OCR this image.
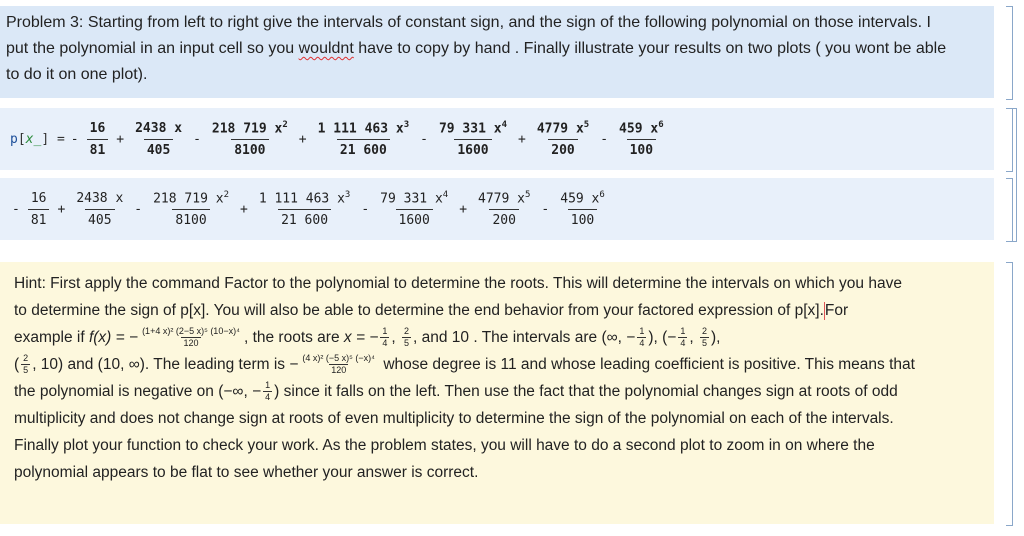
Problem 3: Starting from left to right give the intervals of constant sign, and the sign of the following polynomial on those intervals. I
put the polynomial in an input cell so you wouldnt have to copy by hand . Finally illustrate your results on two plots ( you wont be able
to do it on one plot).
p[x_] = - $\frac{16}{81} + \frac{2438 x}{405} - \frac{218 719 x^2}{8100} + \frac{1 111 463 x^3}{21 600} - \frac{79 331 x^4}{1600} + \frac{4779 x^5}{200} - \frac{459 x^6}{100}$
- $\frac{16}{81} + \frac{2438 x}{405} - \frac{218 719 x^2}{8100} + \frac{1 111 463 x^3}{21 600} - \frac{79 331 x^4}{1600} + \frac{4779 x^5}{200} - \frac{459 x^6}{100}$
Hint: First apply the command Factor to the polynomial to determine the roots. This will determine the intervals on which you have
to determine the sign of p[x]. You will also be able to determine the end behavior from your factored expression of p[x].For
example if f(x) = − $\frac{\text{(1+4 x)² (2−5 x)⁵ (10−x)⁴}}{120}$ , the roots are x = − $\frac{1}{4}$ , $\frac{2}{5}$ , and 10 . The intervals are (∞, − $\frac{1}{4}$ ), (− $\frac{1}{4}$ , $\frac{2}{5}$ ),
( $\frac{2}{5}$ , 10) and (10, ∞). The leading term is − $\frac{\text{(4 x)² (−5 x)⁵ (−x)⁴}}{120}$ whose degree is 11 and whose leading coefficient is positive. This means that
the polynomial is negative on (−∞, − $\frac{1}{4}$ ) since it falls on the left. Then use the fact that the polynomial changes sign at roots of odd
multiplicity and does not change sign at roots of even multiplicity to determine the sign of the polynomial on each of the intervals.
Finally plot your function to check your work. As the problem states, you will have to do a second plot to zoom in on where the
polynomial appears to be flat to see whether your answer is correct.
